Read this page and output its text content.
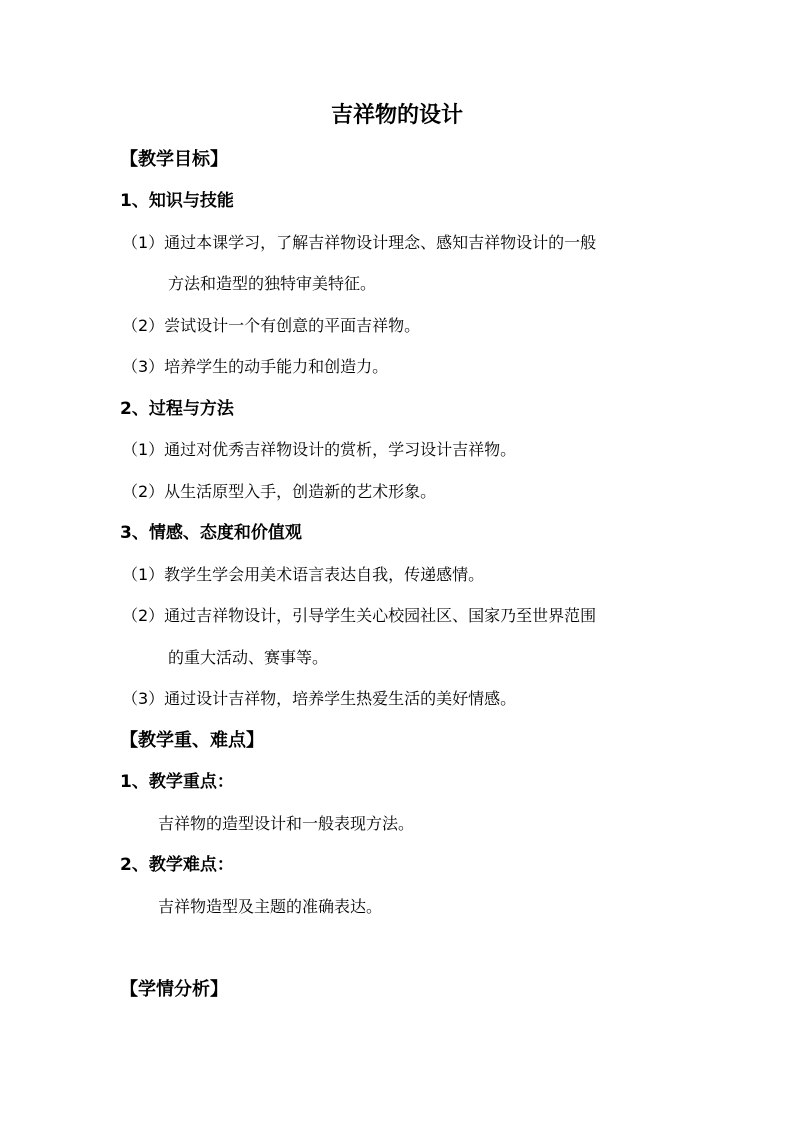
吉祥物的设计
【教学目标】
1、知识与技能
（1）通过本课学习，了解吉祥物设计理念、感知吉祥物设计的一般
方法和造型的独特审美特征。
（2）尝试设计一个有创意的平面吉祥物。
（3）培养学生的动手能力和创造力。
2、过程与方法
（1）通过对优秀吉祥物设计的赏析，学习设计吉祥物。
（2）从生活原型入手，创造新的艺术形象。
3、情感、态度和价值观
（1）教学生学会用美术语言表达自我，传递感情。
（2）通过吉祥物设计，引导学生关心校园社区、国家乃至世界范围
的重大活动、赛事等。
（3）通过设计吉祥物，培养学生热爱生活的美好情感。
【教学重、难点】
1、教学重点：
吉祥物的造型设计和一般表现方法。
2、教学难点：
吉祥物造型及主题的准确表达。
【学情分析】
